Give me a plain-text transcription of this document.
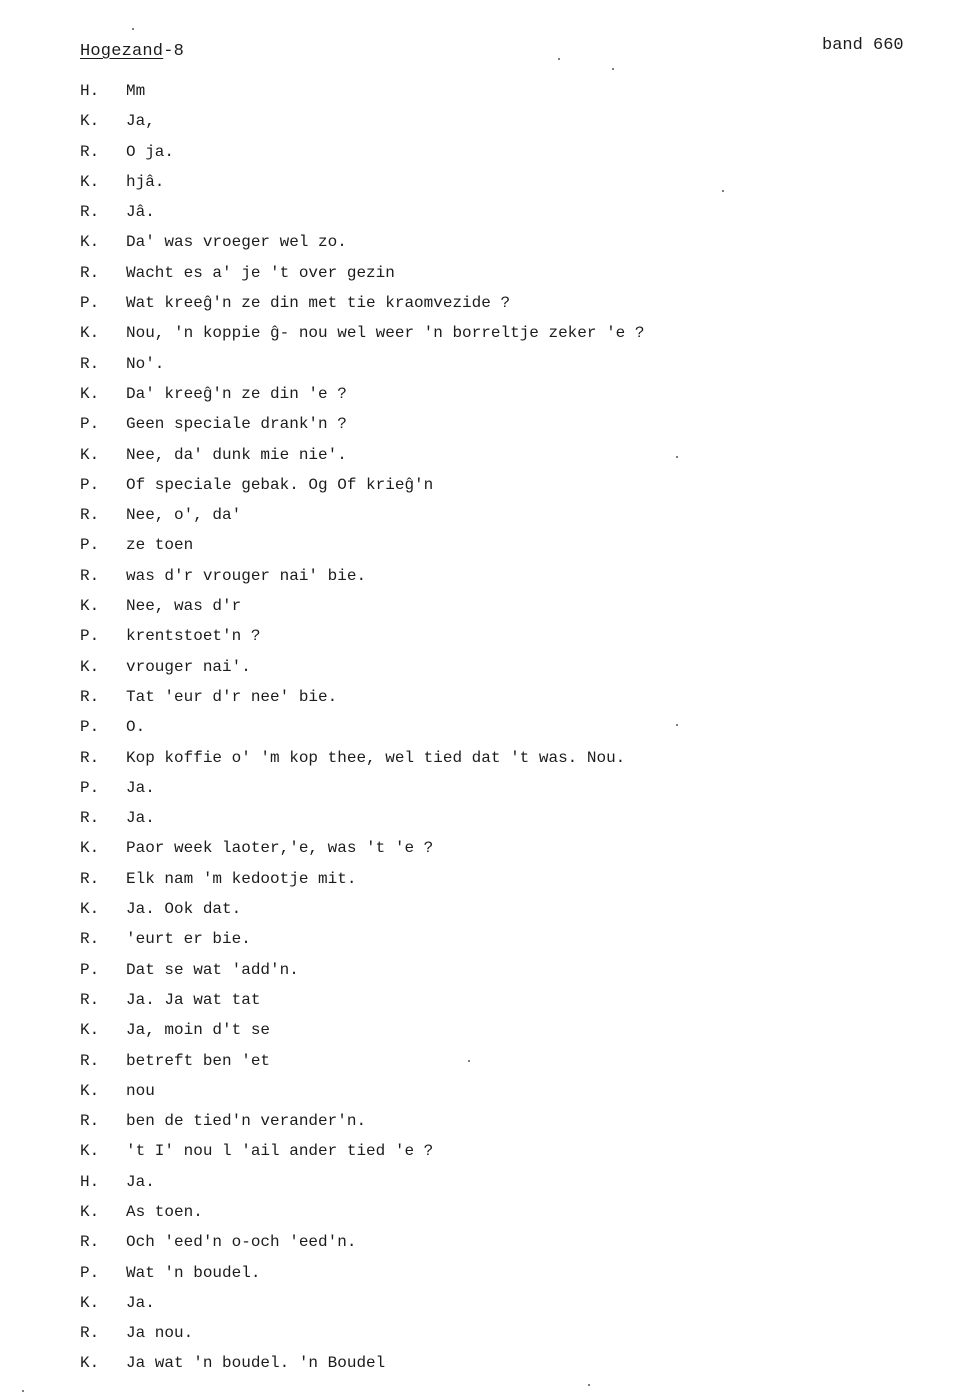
Hogezand-8	band 660
H.	Mm
K.	Ja,
R.	O ja.
K.	hjâ.
R.	Jâ.
K.	Da' was vroeger wel zo.
R.	Wacht es a' je 't over gezin
P.	Wat kreeĝ'n ze din met tie kraomvezide ?
K.	Nou, 'n koppie ĝ- nou wel weer 'n borreltje zeker 'e ?
R.	No'.
K.	Da' kreeĝ'n ze din 'e ?
P.	Geen speciale drank'n ?
K.	Nee, da' dunk mie nie'.
P.	Of speciale gebak. Og Of krieĝ'n
R.	Nee, o', da'
P.	ze toen
R.	was d'r vrouger nai' bie.
K.	Nee, was d'r
P.	krentstoet'n ?
K.	vrouger nai'.
R.	Tat 'eur d'r nee' bie.
P.	O.
R.	Kop koffie o' 'm kop thee, wel tied dat 't was. Nou.
P.	Ja.
R.	Ja.
K.	Paor week laoter,'e, was 't 'e ?
R.	Elk nam 'm kedootje mit.
K.	Ja. Ook dat.
R.	'eurt er bie.
P.	Dat se wat 'add'n.
R.	Ja. Ja wat tat
K.	Ja, moin d't se
R.	betreft ben 'et
K.	nou
R.	ben de tied'n verander'n.
K.	't I' nou l 'ail ander tied 'e ?
H.	Ja.
K.	As toen.
R.	Och 'eed'n o-och 'eed'n.
P.	Wat 'n boudel.
K.	Ja.
R.	Ja nou.
K.	Ja wat 'n boudel. 'n Boudel
